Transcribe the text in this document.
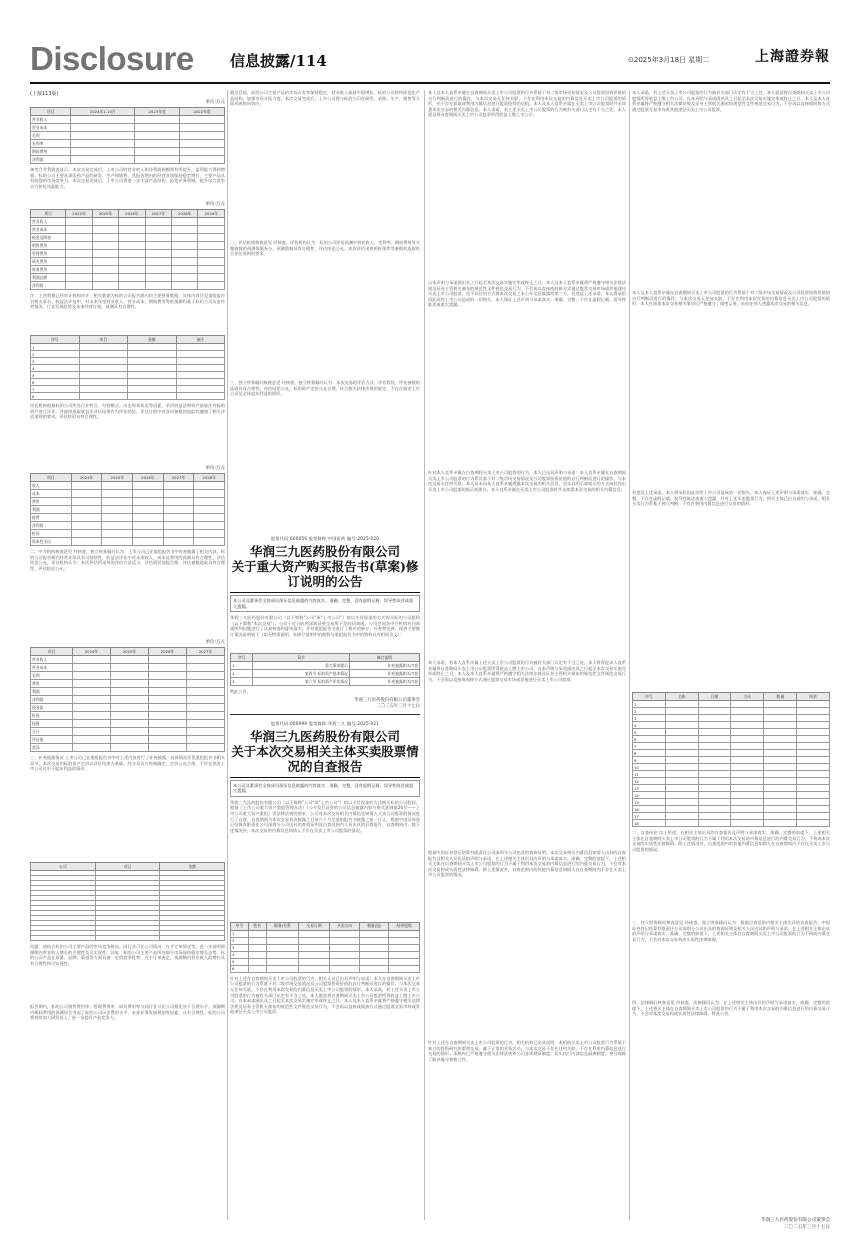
Disclosure 信息披露/114	⊙2025年3月18日 星期二	上海證券報
(上接113版)
单位:万元
项目	2024年1-10月	2023年度	2022年度
营业收入			
营业成本			
毛利			
毛利率			
期间费用			
净利润			
备考合并利润表显示，本次交易完成后，上市公司的营业收入和净利润规模将有所提升，盈利能力得到增强。标的公司主要从事医药产品的研发、生产和销售，其报告期内的经营业绩保持稳定增长，主要产品具有较强的市场竞争力。本次交易完成后，上市公司将进一步丰富产品结构，拓宽业务领域，提升综合竞争实力和抗风险能力。
单位:万元
项目	2024年	2025年	2026年	2027年	2028年	2029年
营业收入						
营业成本						
税金及附加						
销售费用						
管理费用						
研发费用						
财务费用						
利润总额						
净利润						
注：上述数据已经审计机构审计，相关数据为标的公司报告期内的主要财务数据，具体内容详见重组报告书相关章节。收益法评估中，对未来年度营业收入、营业成本、期间费用等的预测均基于标的公司历史经营情况、行业发展趋势及未来经营计划，预测具有合理性。
序号	项目	金额	备注
1			
2			
3			
4			
5			
6			
7			
8			
评估机构根据标的公司所处行业特点、经营模式、历史财务状况等因素，采用收益法和资产基础法对标的资产进行评估，并最终选取收益法评估结果作为评估结论。评估过程中对各项参数的选取均遵循了相关评估准则的要求，评估结论具有合理性。
单位:万元
项目	2024年	2025年	2026年	2027年	2028年
收入					
成本					
费用					
利润					
税费					
净利润					
折旧					
资本性支出					
二、中介机构核查意见 经核查，独立财务顾问认为：上市公司已在重组报告书中补充披露了相关内容，标的公司报告期内经营业绩具有可持续性，收益法评估中对未来收入、成本及费用的预测具有合理性，评估结论公允。评估机构认为：本次评估所采用的评估方法适当，评估假设前提合理，评估参数选取具有合理性，评估结论公允。
单位:万元
项目	2024年	2025年	2026年	2027年
营业收入				
营业成本				
毛利				
费用				
利润				
净利润				
现金流				
折现				
现值				
合计				
评估值				
差异				
三、补充披露情况 上市公司已在重组报告书中对上述内容进行了补充披露，具体情况详见重组报告书相关章节。本次交易的标的资产定价以评估结果为基础，经交易各方协商确定，定价公允合理，不存在损害上市公司及中小股东利益的情形。
公司	项目	金额

问题：请结合标的公司主要产品的市场竞争格局、同行业可比公司情况、在手订单情况等，进一步说明预测期内营业收入增长的合理性及可实现性。回复：标的公司主要产品所处细分市场保持稳定增长态势，标的公司产品在质量、品牌、渠道等方面具备一定的竞争优势，在手订单充足，预测期内营业收入的增长具有合理性和可实现性。
报告期内，标的公司销售费用率、管理费用率、研发费用率与同行业可比公司相比处于合理水平。预测期内期间费用的预测综合考虑了标的公司历史费用水平、未来业务发展规划等因素，具有合理性。标的公司将持续加大研发投入，进一步提升产品竞争力。
截至目前，标的公司主要产品的市场占有率保持稳定，营业收入保持平稳增长。标的公司将持续优化产品结构，加强市场开拓力度。本次交易完成后，上市公司将与标的公司在研发、采购、生产、销售等方面形成协同效应。
二、评估机构核查意见 经核查，评估机构认为：标的公司评估预测中营业收入、毛利率、期间费用等关键参数的预测依据充分，预测数据具有合理性，评估结论公允。本次评估采用的折现率等参数的选取符合评估准则的要求。
三、独立财务顾问核查意见 经核查，独立财务顾问认为：本次交易的评估方法、评估假设、评估参数的选取具有合理性，评估结论公允，标的资产定价公允合理，符合相关法律法规的规定，不存在损害上市公司及全体股东利益的情形。
股票代码:600056 股票简称:中国医药 编号:2025-020
华润三九医药股份有限公司
关于重大资产购买报告书(草案)修订说明的公告
本公司及董事会全体成员保证信息披露的内容真实、准确、完整，没有虚假记载、误导性陈述或重大遗漏。
华润三九医药股份有限公司（以下简称"公司"或"上市公司"）拟以支付现金的方式购买标的公司股权（以下简称"本次交易"）。公司于近日收到深圳证券交易所下发的问询函，公司会同各中介机构对问询函所列问题进行了认真核查和逐项落实，并对重组报告书进行了相应的修订、补充和完善。现将主要修订情况说明如下（如无特别说明，本修订说明中的简称与重组报告书中的简称具有相同含义）：
序号	章节	修订说明
1	重大事项提示	补充披露相关内容
2	第四节 标的资产基本情况	补充披露相关内容
3	第六节 标的资产评估情况	补充披露相关内容
特此公告。
华润三九医药股份有限公司董事会
二〇二五年三月十七日
股票代码:000999 股票简称:华润三九 编号:2025-021
华润三九医药股份有限公司
关于本次交易相关主体买卖股票情况的自查报告
本公司及董事会全体成员保证信息披露的内容真实、准确、完整，没有虚假记载、误导性陈述或重大遗漏。
华润三九医药股份有限公司（以下简称"公司"或"上市公司"）拟以支付现金的方式购买标的公司股权。根据《上市公司重大资产重组管理办法》《公开发行证券的公司信息披露内容与格式准则第26号——上市公司重大资产重组》等法律法规的要求，公司对本次交易相关内幕信息知情人买卖公司股票的情况进行了自查，自查期间为本次交易首次披露之日前六个月至重组报告书披露之前一日止。根据中国证券登记结算有限责任公司深圳分公司出具的查询证明及自查范围内人员出具的自查报告，自查期间内，除下述情况外，本次交易的内幕信息知情人不存在买卖上市公司股票的情况。
序号	姓名	职务/关系	交易日期	买卖方向	数量(股)	结余股数
1						
2						
3						
4						
5						
6						
针对上述在自查期间买卖上市公司股票的行为，相关人员已出具声明与承诺：本人在自查期间买卖上市公司股票的行为系基于对二级市场交易情况及公司股票投资价值的自行判断而进行的操作，与本次交易无任何关联，不存在利用本次交易的内幕信息买卖上市公司股票的情形。本人承诺，若上述买卖上市公司股票的行为被有关部门认定有不当之处，本人愿意将自查期间买卖上市公司股票所得收益上缴上市公司。自本承诺函出具之日起至本次交易实施完毕或终止之日，本人及本人直系亲属将严格遵守相关法律法规及证券主管机关颁布的规范性文件规范交易行为，不会再以直接或间接方式通过股票交易市场或其他途径买卖上市公司股票。
本人及本人直系亲属在自查期间买卖上市公司股票的行为系基于对二级市场交易情况及公司股票投资价值的自行判断而进行的操作，与本次交易无任何关联，不存在利用本次交易的内幕信息买卖上市公司股票的情形，亦不存在获取或利用内幕信息进行股票投资的动机。本人及本人直系亲属在买卖上市公司股票时并未知悉本次交易的相关内幕信息。本人承诺，若上述买卖上市公司股票的行为被有关部门认定有不当之处，本人愿意将自查期间买卖上市公司股票所得收益上缴上市公司。
自本声明与承诺函出具之日起至本次交易实施完毕或终止之日，本人及本人直系亲属将严格遵守相关法律法规及证券主管机关颁布的规范性文件规范交易行为，不会再以直接或间接方式通过股票交易市场或其他途径买卖上市公司股票，也不以任何方式将本次交易之未公开信息披露给第三方。若违反上述承诺，本人将承担因此而给上市公司造成的一切损失。本人保证上述声明与承诺真实、准确、完整，不存在虚假记载、误导性陈述或重大遗漏。
针对本人直系亲属在自查期间买卖上市公司股票的行为，本人已出具声明与承诺：本人直系亲属在自查期间买卖上市公司股票的行为系其基于对二级市场交易情况及公司股票投资价值的自行判断而进行的操作，与本次交易无任何关联。本人从未向本人直系亲属透露本次交易的相关信息，也未以明示或暗示的方式向其作出买卖上市公司股票的指示或建议。本人直系亲属在买卖上市公司股票时并未知悉本次交易的相关内幕信息。
本人承诺，若本人直系亲属上述买卖上市公司股票的行为被有关部门认定有不当之处，本人将督促本人直系亲属将自查期间买卖上市公司股票所得收益上缴上市公司。自本声明与承诺函出具之日起至本次交易实施完毕或终止之日，本人及本人直系亲属将严格遵守相关法律法规及证券主管机关颁布的规范性文件规范交易行为，不会再以直接或间接方式通过股票交易市场或其他途径买卖上市公司股票。
根据中国证券登记结算有限责任公司深圳分公司出具的查询证明、本次交易相关内幕信息知情人出具的自查报告及相关人员出具的声明与承诺，在上述相关主体出具的声明与承诺真实、准确、完整的前提下，上述相关主体在自查期间买卖上市公司股票的行为不属于利用本次交易的内幕信息进行的内幕交易行为，不会对本次交易构成实质性法律障碍。除上述情况外，自查范围内的其他内幕信息知情人在自查期间内不存在买卖上市公司股票的情况。
针对上述在自查期间买卖上市公司股票的行为，相关机构已出具说明：本机构买卖上市公司股票行为系基于独立的投资研究决策和交易，属于正常的业务活动，与本次交易不存在任何关联，不存在利用内幕信息进行交易的情形。本机构已严格遵守相关法律法规和公司各项规章制度，切实执行内部信息隔离制度，充分保障了职业操守和独立性。
本人承诺，若上述买卖上市公司股票的行为被有关部门认定有不当之处，本人愿意将自查期间买卖上市公司股票所得收益上缴上市公司。自本声明与承诺函出具之日起至本次交易实施完毕或终止之日，本人及本人直系亲属将严格遵守相关法律法规及证券主管机关颁布的规范性文件规范交易行为，不会再以直接或间接方式通过股票交易市场或其他途径买卖上市公司股票。
本人及本人直系亲属在自查期间买卖上市公司股票的行为系基于对二级市场交易情况及公司股票投资价值的自行判断而进行的操作，与本次交易无任何关联，不存在利用本次交易的内幕信息买卖上市公司股票的情形。本人在知悉本次交易相关事项后严格遵守了保密义务，未向任何人透露本次交易的相关信息。
若违反上述承诺，本人将承担因此而给上市公司造成的一切损失。本人保证上述声明与承诺真实、准确、完整，不存在虚假记载、误导性陈述或重大遗漏。针对上述买卖股票行为，相关主体已出具说明与承诺，相关买卖行为系基于独立判断，不存在利用内幕信息进行交易的情形。
序号	名称	日期	方向	数量	结余
1					
2					
3					
4					
5					
6					
7					
8					
9					
10					
11					
12					
13					
14					
15					
16					
17					
18					
二、自查结论 综上所述，在相关主体出具的自查报告及声明与承诺真实、准确、完整的前提下，上述相关主体在自查期间买卖上市公司股票的行为不属于利用本次交易的内幕信息进行的内幕交易行为，不构成本次交易的实质性法律障碍。除上述情况外，自查范围内的其他内幕信息知情人在自查期间内不存在买卖上市公司股票的情况。
三、独立财务顾问核查意见 经核查，独立财务顾问认为：根据自查范围内相关主体出具的自查报告、中国证券登记结算有限责任公司深圳分公司出具的查询证明及相关人员出具的声明与承诺，在上述相关主体出具的声明与承诺真实、准确、完整的前提下，上述相关主体在自查期间买卖上市公司股票的行为不构成内幕交易行为，不会对本次交易构成实质性法律障碍。
四、法律顾问核查意见 经核查，法律顾问认为：在上述相关主体出具的声明与承诺真实、准确、完整的前提下，上述相关主体在自查期间买卖上市公司股票的行为不属于利用本次交易的内幕信息进行的内幕交易行为，不会对本次交易构成实质性法律障碍。特此公告。
华润三九医药股份有限公司董事会
二〇二五年三月十七日
